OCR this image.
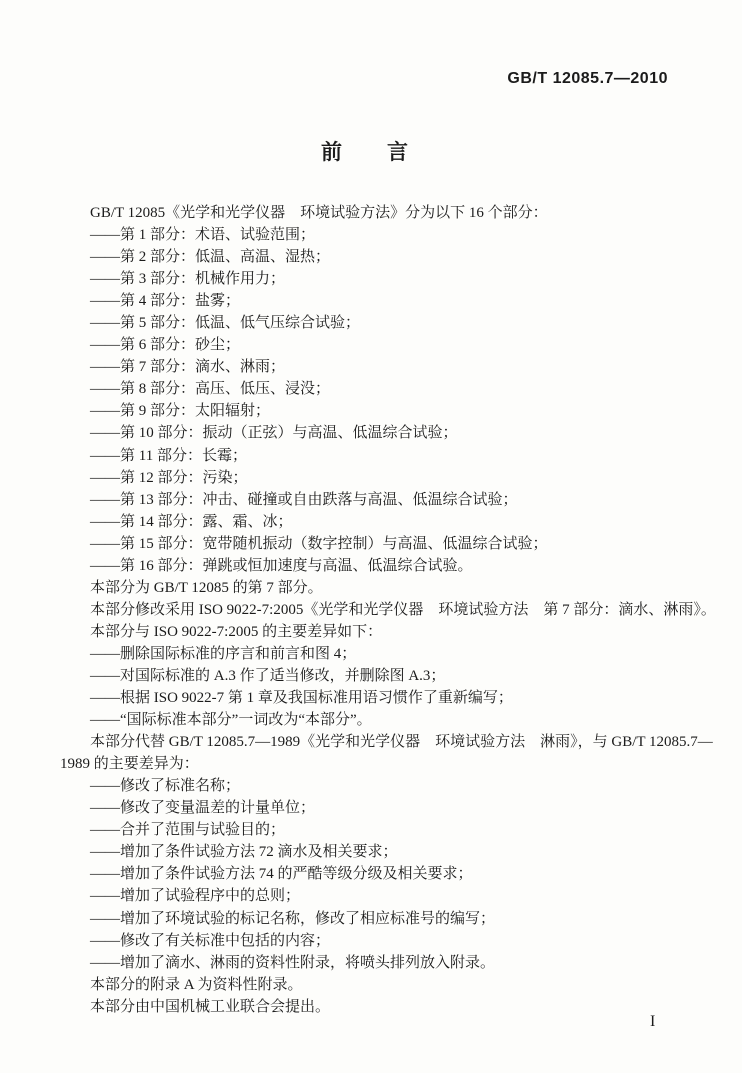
GB/T 12085.7—2010
前　　言
GB/T 12085《光学和光学仪器　环境试验方法》分为以下 16 个部分：
——第 1 部分：术语、试验范围；
——第 2 部分：低温、高温、湿热；
——第 3 部分：机械作用力；
——第 4 部分：盐雾；
——第 5 部分：低温、低气压综合试验；
——第 6 部分：砂尘；
——第 7 部分：滴水、淋雨；
——第 8 部分：高压、低压、浸没；
——第 9 部分：太阳辐射；
——第 10 部分：振动（正弦）与高温、低温综合试验；
——第 11 部分：长霉；
——第 12 部分：污染；
——第 13 部分：冲击、碰撞或自由跌落与高温、低温综合试验；
——第 14 部分：露、霜、冰；
——第 15 部分：宽带随机振动（数字控制）与高温、低温综合试验；
——第 16 部分：弹跳或恒加速度与高温、低温综合试验。
本部分为 GB/T 12085 的第 7 部分。
本部分修改采用 ISO 9022-7:2005《光学和光学仪器　环境试验方法　第 7 部分：滴水、淋雨》。
本部分与 ISO 9022-7:2005 的主要差异如下：
——删除国际标准的序言和前言和图 4；
——对国际标准的 A.3 作了适当修改，并删除图 A.3；
——根据 ISO 9022-7 第 1 章及我国标准用语习惯作了重新编写；
——“国际标准本部分”一词改为“本部分”。
本部分代替 GB/T 12085.7—1989《光学和光学仪器　环境试验方法　淋雨》，与 GB/T 12085.7—
1989 的主要差异为：
——修改了标准名称；
——修改了变量温差的计量单位；
——合并了范围与试验目的；
——增加了条件试验方法 72 滴水及相关要求；
——增加了条件试验方法 74 的严酷等级分级及相关要求；
——增加了试验程序中的总则；
——增加了环境试验的标记名称，修改了相应标准号的编写；
——修改了有关标准中包括的内容；
——增加了滴水、淋雨的资料性附录，将喷头排列放入附录。
本部分的附录 A 为资料性附录。
本部分由中国机械工业联合会提出。
I
